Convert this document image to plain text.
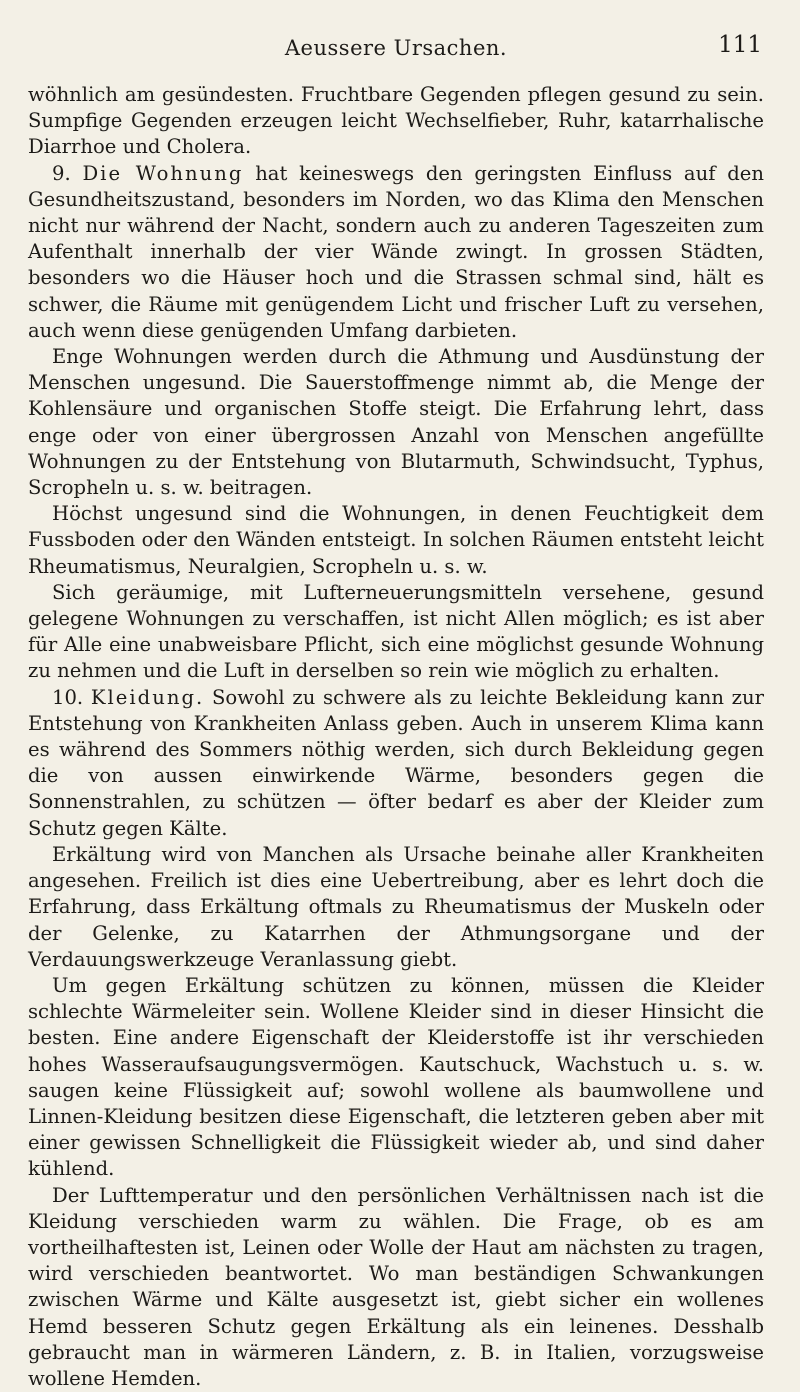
Aeussere Ursachen.	111

wöhnlich am gesündesten. Fruchtbare Gegenden pflegen gesund zu sein. Sumpfige Gegenden erzeugen leicht Wechselfieber, Ruhr, katarrhalische Diarrhoe und Cholera.

9. Die Wohnung hat keineswegs den geringsten Einfluss auf den Gesundheitszustand, besonders im Norden, wo das Klima den Menschen nicht nur während der Nacht, sondern auch zu anderen Tageszeiten zum Aufenthalt innerhalb der vier Wände zwingt. In grossen Städten, besonders wo die Häuser hoch und die Strassen schmal sind, hält es schwer, die Räume mit genügendem Licht und frischer Luft zu versehen, auch wenn diese genügenden Umfang darbieten.

Enge Wohnungen werden durch die Athmung und Ausdünstung der Menschen ungesund. Die Sauerstoffmenge nimmt ab, die Menge der Kohlensäure und organischen Stoffe steigt. Die Erfahrung lehrt, dass enge oder von einer übergrossen Anzahl von Menschen angefüllte Wohnungen zu der Entstehung von Blutarmuth, Schwindsucht, Typhus, Scropheln u. s. w. beitragen.

Höchst ungesund sind die Wohnungen, in denen Feuchtigkeit dem Fussboden oder den Wänden entsteigt. In solchen Räumen entsteht leicht Rheumatismus, Neuralgien, Scropheln u. s. w.

Sich geräumige, mit Lufterneuerungsmitteln versehene, gesund gelegene Wohnungen zu verschaffen, ist nicht Allen möglich; es ist aber für Alle eine unabweisbare Pflicht, sich eine möglichst gesunde Wohnung zu nehmen und die Luft in derselben so rein wie möglich zu erhalten.

10. Kleidung. Sowohl zu schwere als zu leichte Bekleidung kann zur Entstehung von Krankheiten Anlass geben. Auch in unserem Klima kann es während des Sommers nöthig werden, sich durch Bekleidung gegen die von aussen einwirkende Wärme, besonders gegen die Sonnenstrahlen, zu schützen — öfter bedarf es aber der Kleider zum Schutz gegen Kälte.

Erkältung wird von Manchen als Ursache beinahe aller Krankheiten angesehen. Freilich ist dies eine Uebertreibung, aber es lehrt doch die Erfahrung, dass Erkältung oftmals zu Rheumatismus der Muskeln oder der Gelenke, zu Katarrhen der Athmungsorgane und der Verdauungswerkzeuge Veranlassung giebt.

Um gegen Erkältung schützen zu können, müssen die Kleider schlechte Wärmeleiter sein. Wollene Kleider sind in dieser Hinsicht die besten. Eine andere Eigenschaft der Kleiderstoffe ist ihr verschieden hohes Wasseraufsaugungsvermögen. Kautschuck, Wachstuch u. s. w. saugen keine Flüssigkeit auf; sowohl wollene als baumwollene und Linnen-Kleidung besitzen diese Eigenschaft, die letzteren geben aber mit einer gewissen Schnelligkeit die Flüssigkeit wieder ab, und sind daher kühlend.

Der Lufttemperatur und den persönlichen Verhältnissen nach ist die Kleidung verschieden warm zu wählen. Die Frage, ob es am vortheilhaftesten ist, Leinen oder Wolle der Haut am nächsten zu tragen, wird verschieden beantwortet. Wo man beständigen Schwankungen zwischen Wärme und Kälte ausgesetzt ist, giebt sicher ein wollenes Hemd besseren Schutz gegen Erkältung als ein leinenes. Desshalb gebraucht man in wärmeren Ländern, z. B. in Italien, vorzugsweise wollene Hemden.
